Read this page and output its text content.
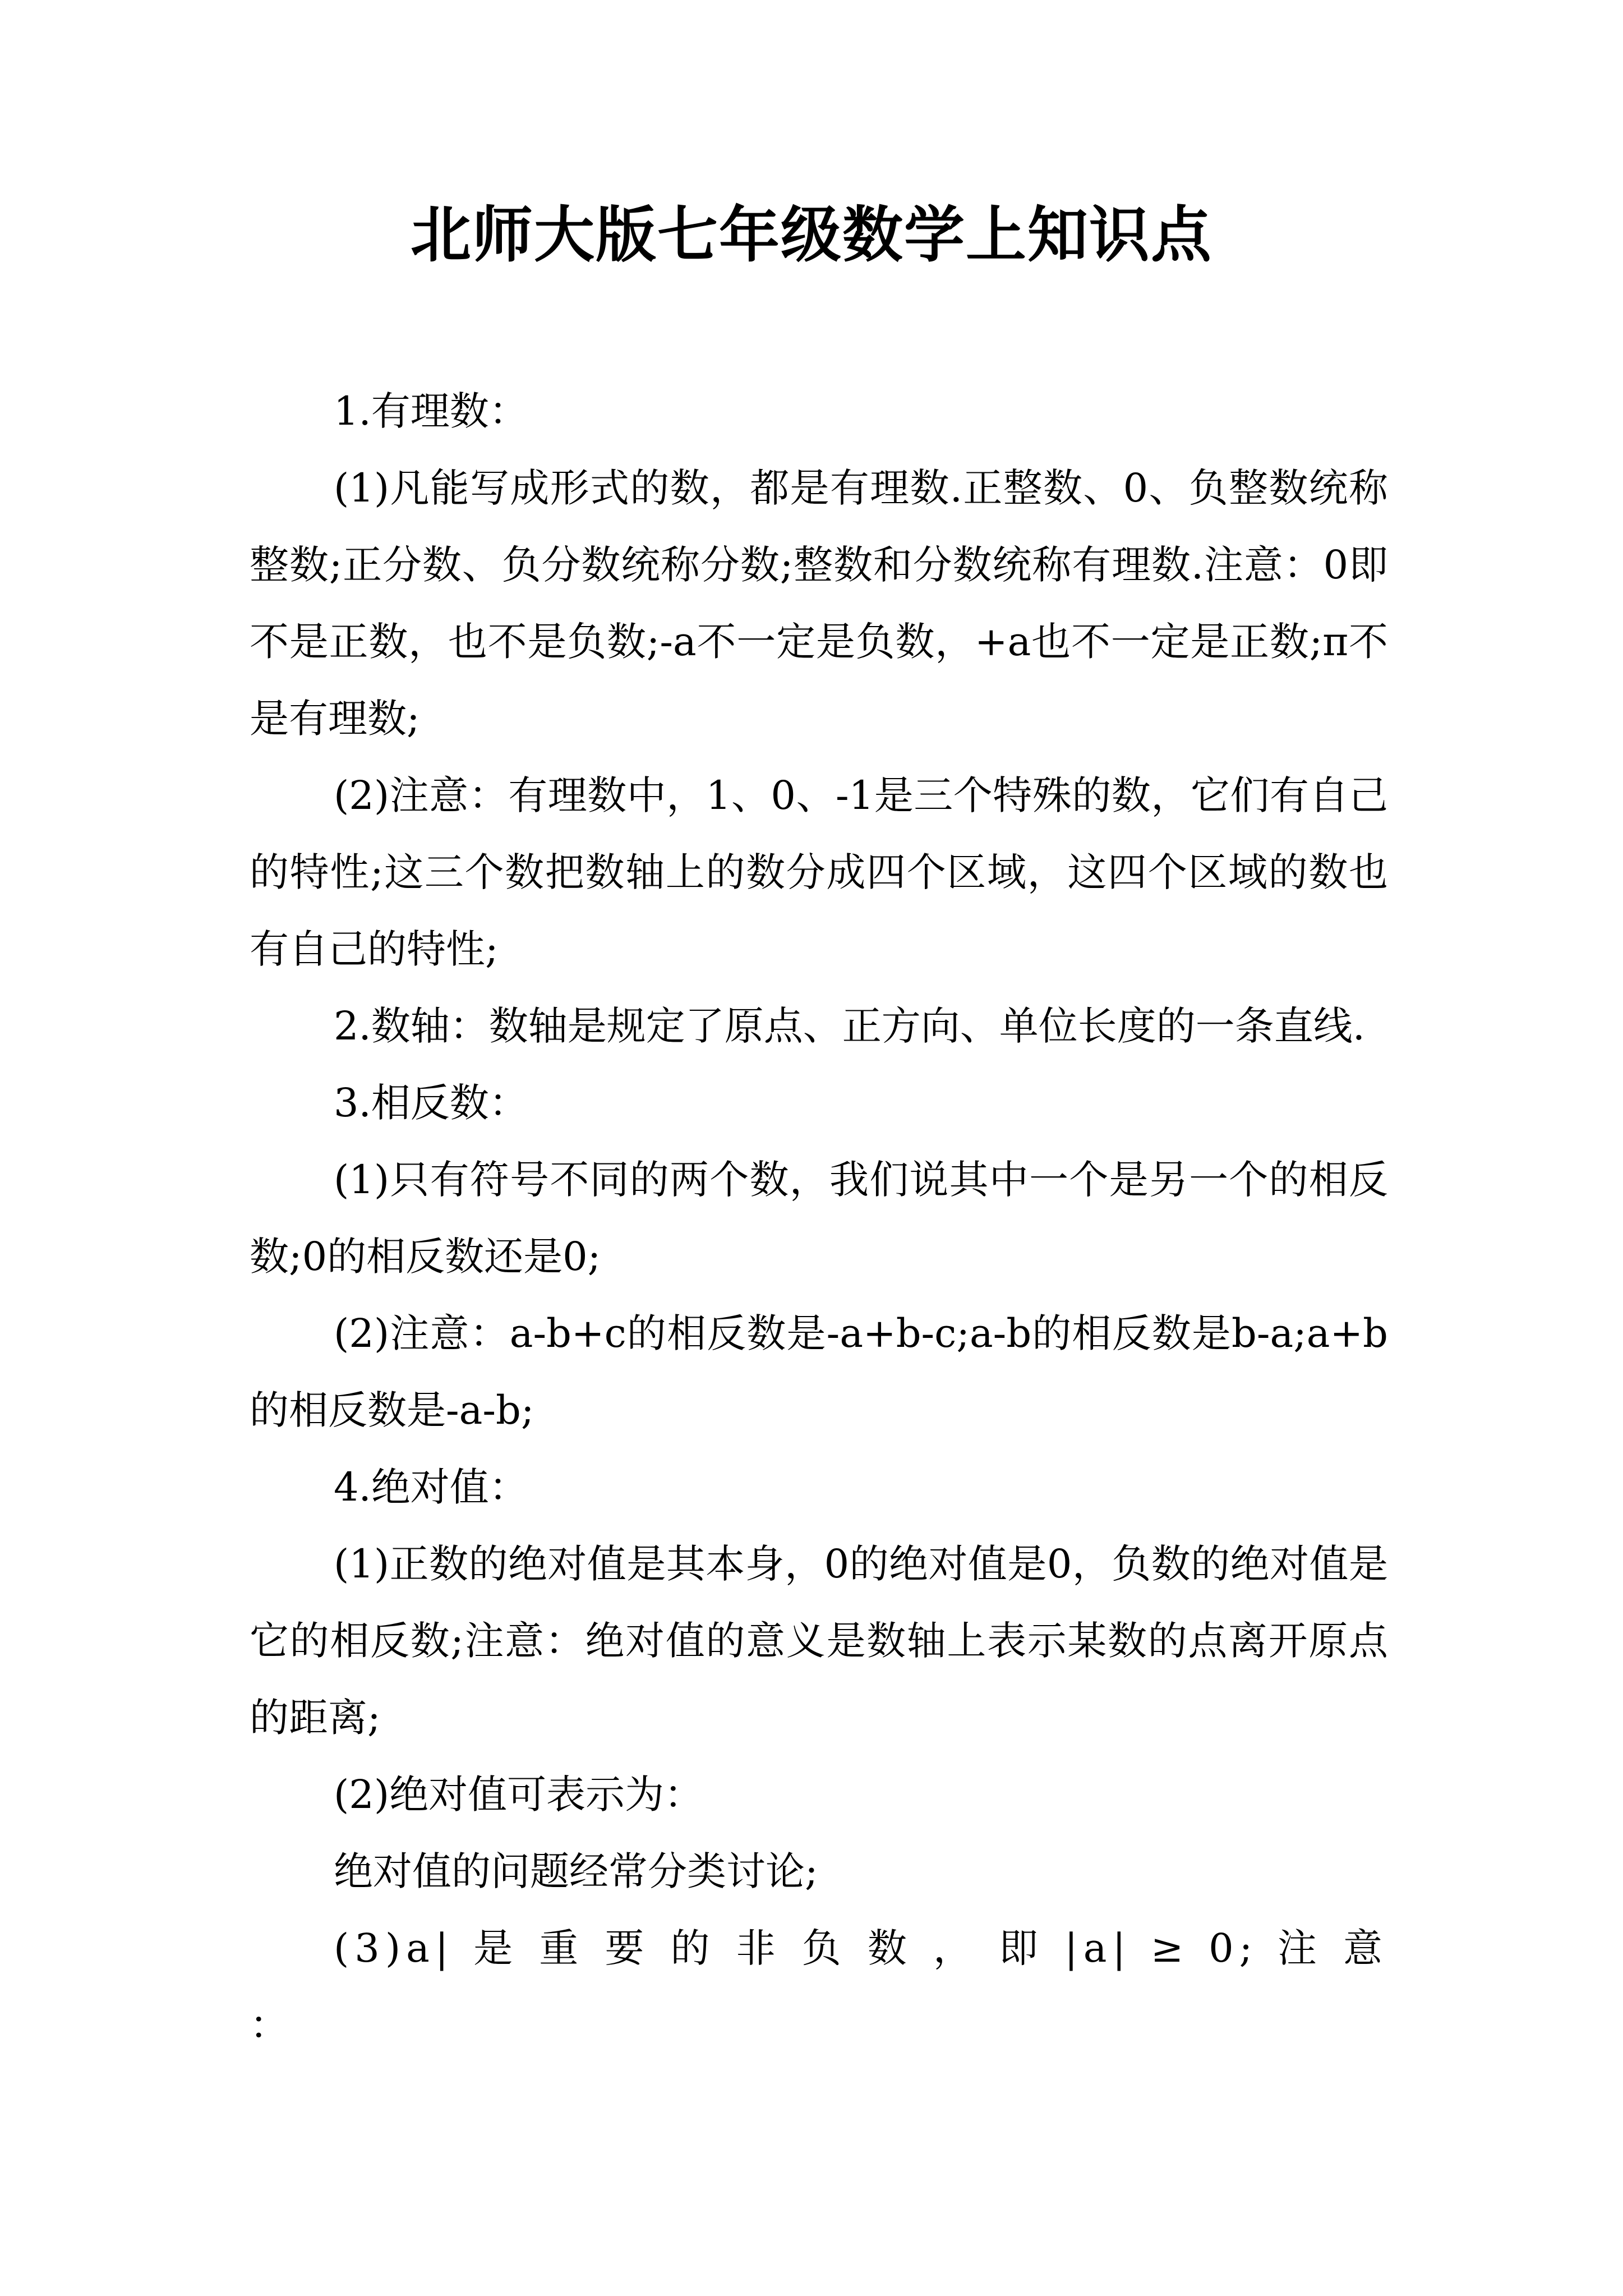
北师大版七年级数学上知识点

1.有理数：

(1)凡能写成形式的数，都是有理数.正整数、0、负整数统称整数;正分数、负分数统称分数;整数和分数统称有理数.注意：0即不是正数，也不是负数;-a不一定是负数，+a也不一定是正数;π不是有理数;

(2)注意：有理数中，1、0、-1是三个特殊的数，它们有自己的特性;这三个数把数轴上的数分成四个区域，这四个区域的数也有自己的特性;

2.数轴：数轴是规定了原点、正方向、单位长度的一条直线.

3.相反数：

(1)只有符号不同的两个数，我们说其中一个是另一个的相反数;0的相反数还是0;

(2)注意：a-b+c的相反数是-a+b-c;a-b的相反数是b-a;a+b的相反数是-a-b;

4.绝对值：

(1)正数的绝对值是其本身，0的绝对值是0，负数的绝对值是它的相反数;注意：绝对值的意义是数轴上表示某数的点离开原点的距离;

(2)绝对值可表示为：

绝对值的问题经常分类讨论;

(3)a| 是 重 要 的 非 负 数 ， 即 |a| ≥ 0; 注 意 ：
